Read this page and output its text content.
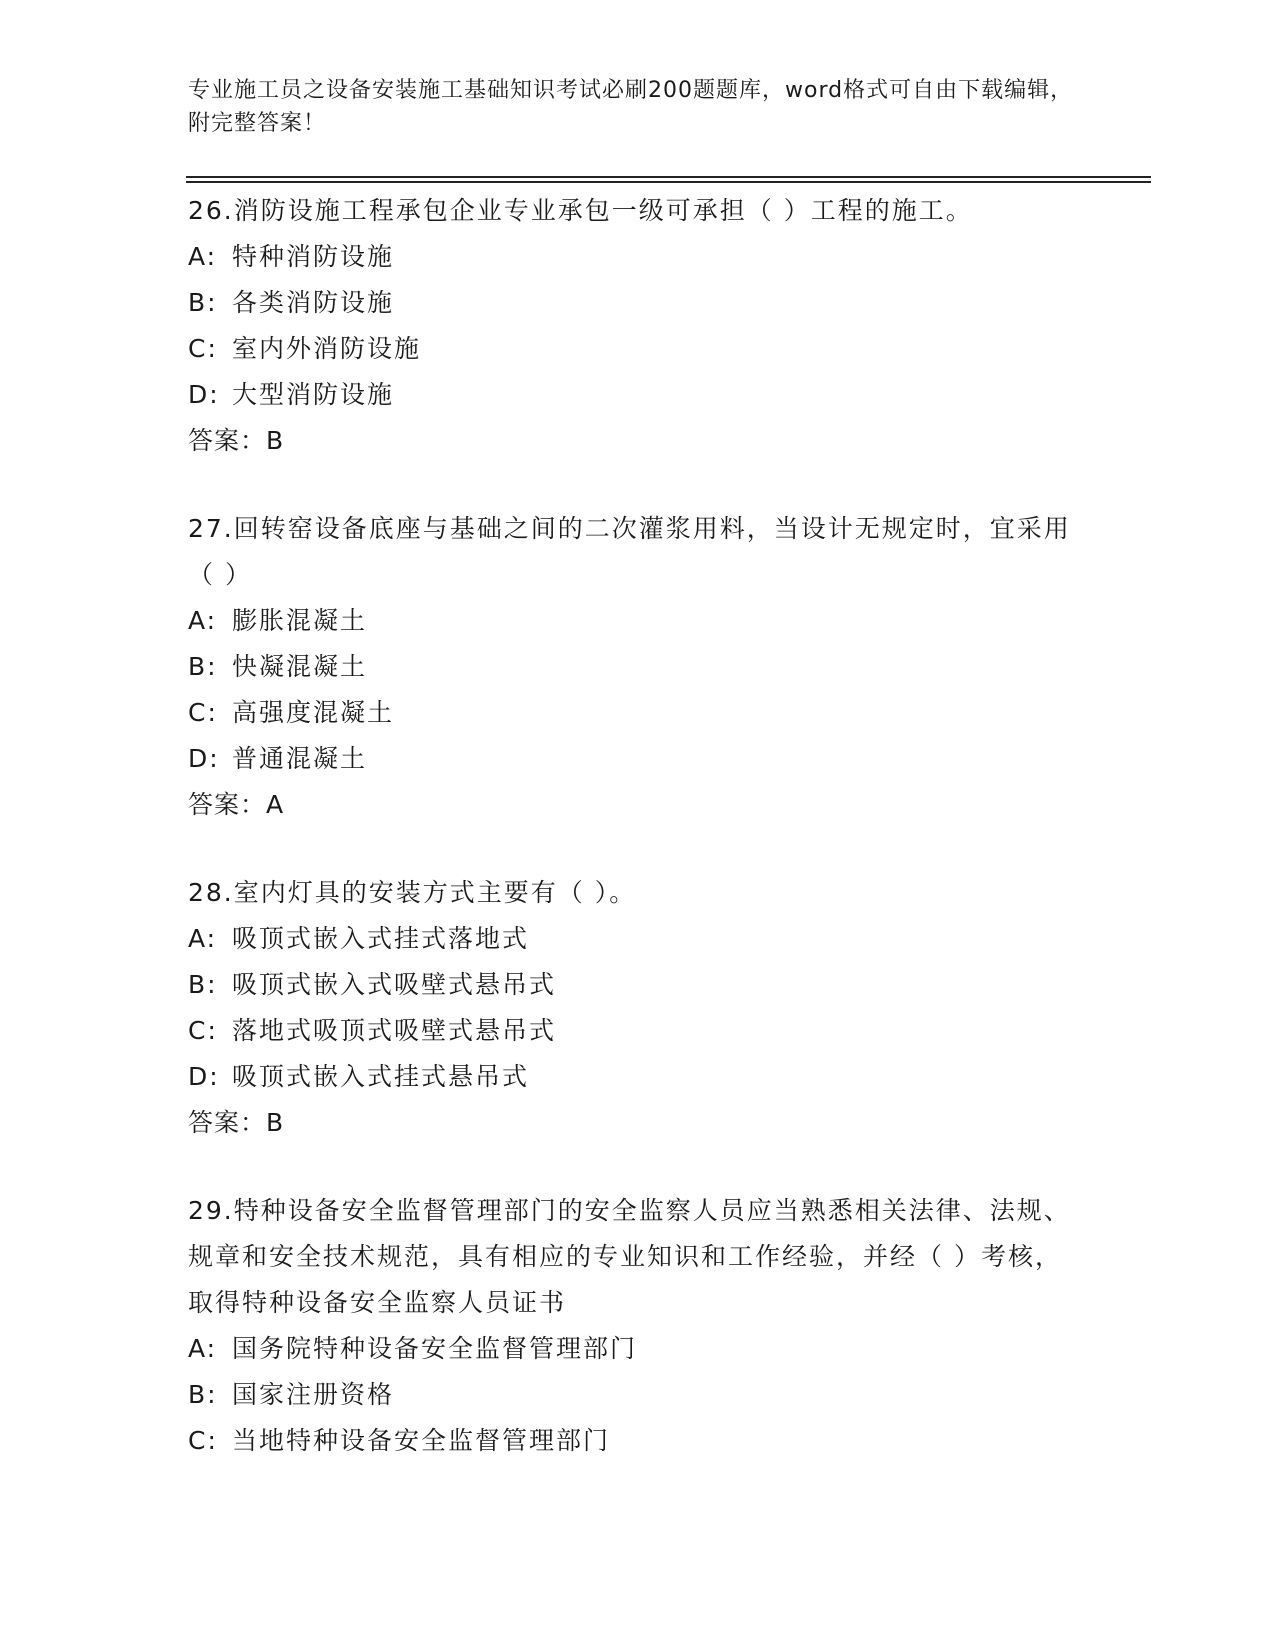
专业施工员之设备安装施工基础知识考试必刷200题题库，word格式可自由下载编辑，附完整答案！

26.消防设施工程承包企业专业承包一级可承担（ ）工程的施工。

A: 特种消防设施

B: 各类消防设施

C: 室内外消防设施

D: 大型消防设施

答案：B

27.回转窑设备底座与基础之间的二次灌浆用料，当设计无规定时，宜采用（ ）

A: 膨胀混凝土

B: 快凝混凝土

C: 高强度混凝土

D: 普通混凝土

答案：A

28.室内灯具的安装方式主要有（ ）。

A: 吸顶式嵌入式挂式落地式

B: 吸顶式嵌入式吸壁式悬吊式

C: 落地式吸顶式吸壁式悬吊式

D: 吸顶式嵌入式挂式悬吊式

答案：B

29.特种设备安全监督管理部门的安全监察人员应当熟悉相关法律、法规、规章和安全技术规范，具有相应的专业知识和工作经验，并经（ ）考核，取得特种设备安全监察人员证书

A: 国务院特种设备安全监督管理部门

B: 国家注册资格

C: 当地特种设备安全监督管理部门
